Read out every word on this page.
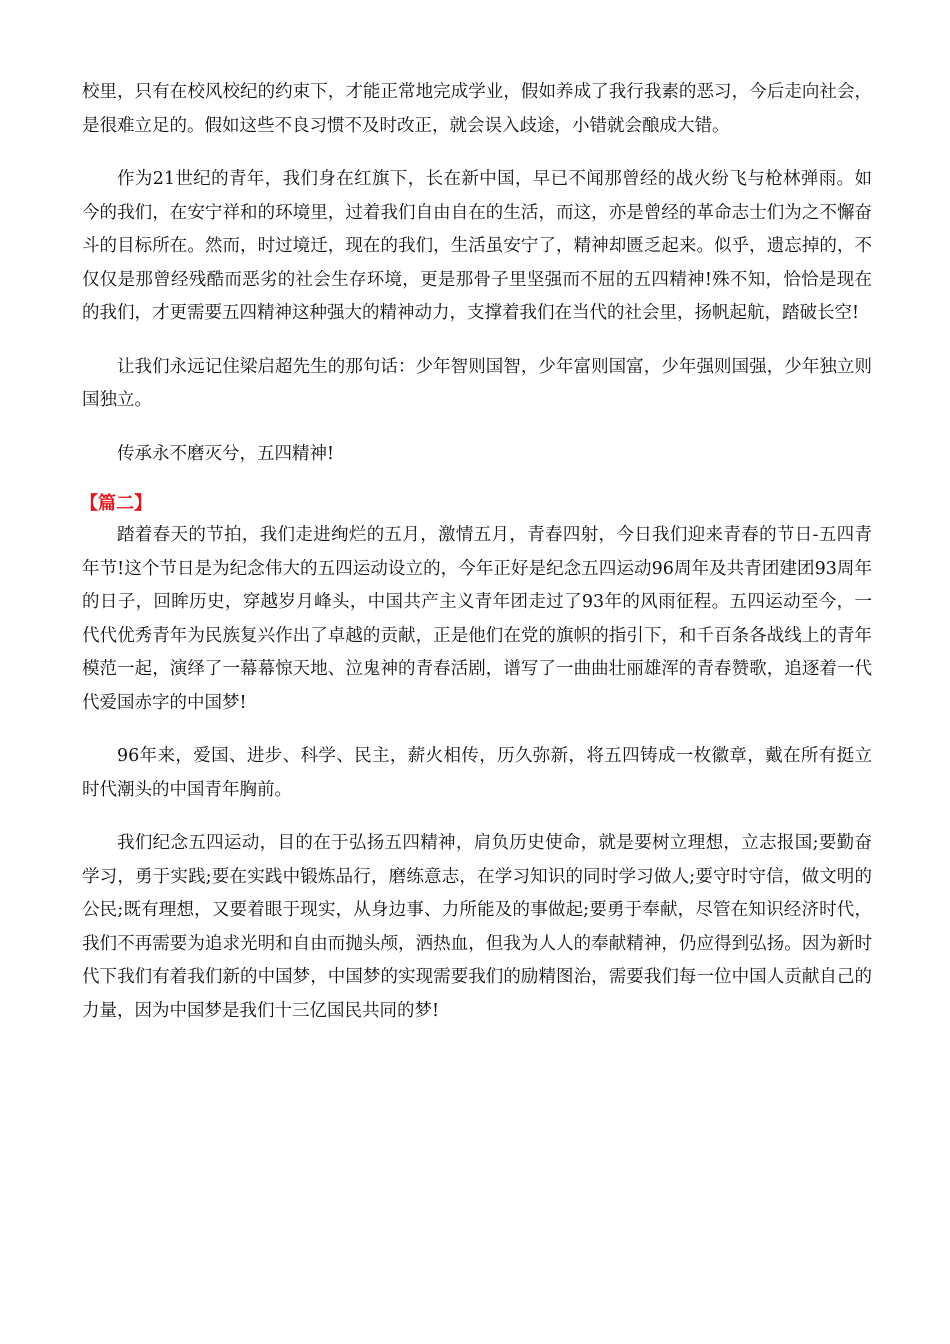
校里，只有在校风校纪的约束下，才能正常地完成学业，假如养成了我行我素的恶习，今后走向社会，是很难立足的。假如这些不良习惯不及时改正，就会误入歧途，小错就会酿成大错。

作为21世纪的青年，我们身在红旗下，长在新中国，早已不闻那曾经的战火纷飞与枪林弹雨。如今的我们，在安宁祥和的环境里，过着我们自由自在的生活，而这，亦是曾经的革命志士们为之不懈奋斗的目标所在。然而，时过境迁，现在的我们，生活虽安宁了，精神却匮乏起来。似乎，遗忘掉的，不仅仅是那曾经残酷而恶劣的社会生存环境，更是那骨子里坚强而不屈的五四精神!殊不知，恰恰是现在的我们，才更需要五四精神这种强大的精神动力，支撑着我们在当代的社会里，扬帆起航，踏破长空!

让我们永远记住梁启超先生的那句话：少年智则国智，少年富则国富，少年强则国强，少年独立则国独立。

传承永不磨灭兮，五四精神!

【篇二】

踏着春天的节拍，我们走进绚烂的五月，激情五月，青春四射，今日我们迎来青春的节日-五四青年节!这个节日是为纪念伟大的五四运动设立的，今年正好是纪念五四运动96周年及共青团建团93周年的日子，回眸历史，穿越岁月峰头，中国共产主义青年团走过了93年的风雨征程。五四运动至今，一代代优秀青年为民族复兴作出了卓越的贡献，正是他们在党的旗帜的指引下，和千百条各战线上的青年模范一起，演绎了一幕幕惊天地、泣鬼神的青春活剧，谱写了一曲曲壮丽雄浑的青春赞歌，追逐着一代代爱国赤字的中国梦!

96年来，爱国、进步、科学、民主，薪火相传，历久弥新，将五四铸成一枚徽章，戴在所有挺立时代潮头的中国青年胸前。

我们纪念五四运动，目的在于弘扬五四精神，肩负历史使命，就是要树立理想，立志报国;要勤奋学习，勇于实践;要在实践中锻炼品行，磨练意志，在学习知识的同时学习做人;要守时守信，做文明的公民;既有理想，又要着眼于现实，从身边事、力所能及的事做起;要勇于奉献，尽管在知识经济时代，我们不再需要为追求光明和自由而抛头颅，洒热血，但我为人人的奉献精神，仍应得到弘扬。因为新时代下我们有着我们新的中国梦，中国梦的实现需要我们的励精图治，需要我们每一位中国人贡献自己的力量，因为中国梦是我们十三亿国民共同的梦!
